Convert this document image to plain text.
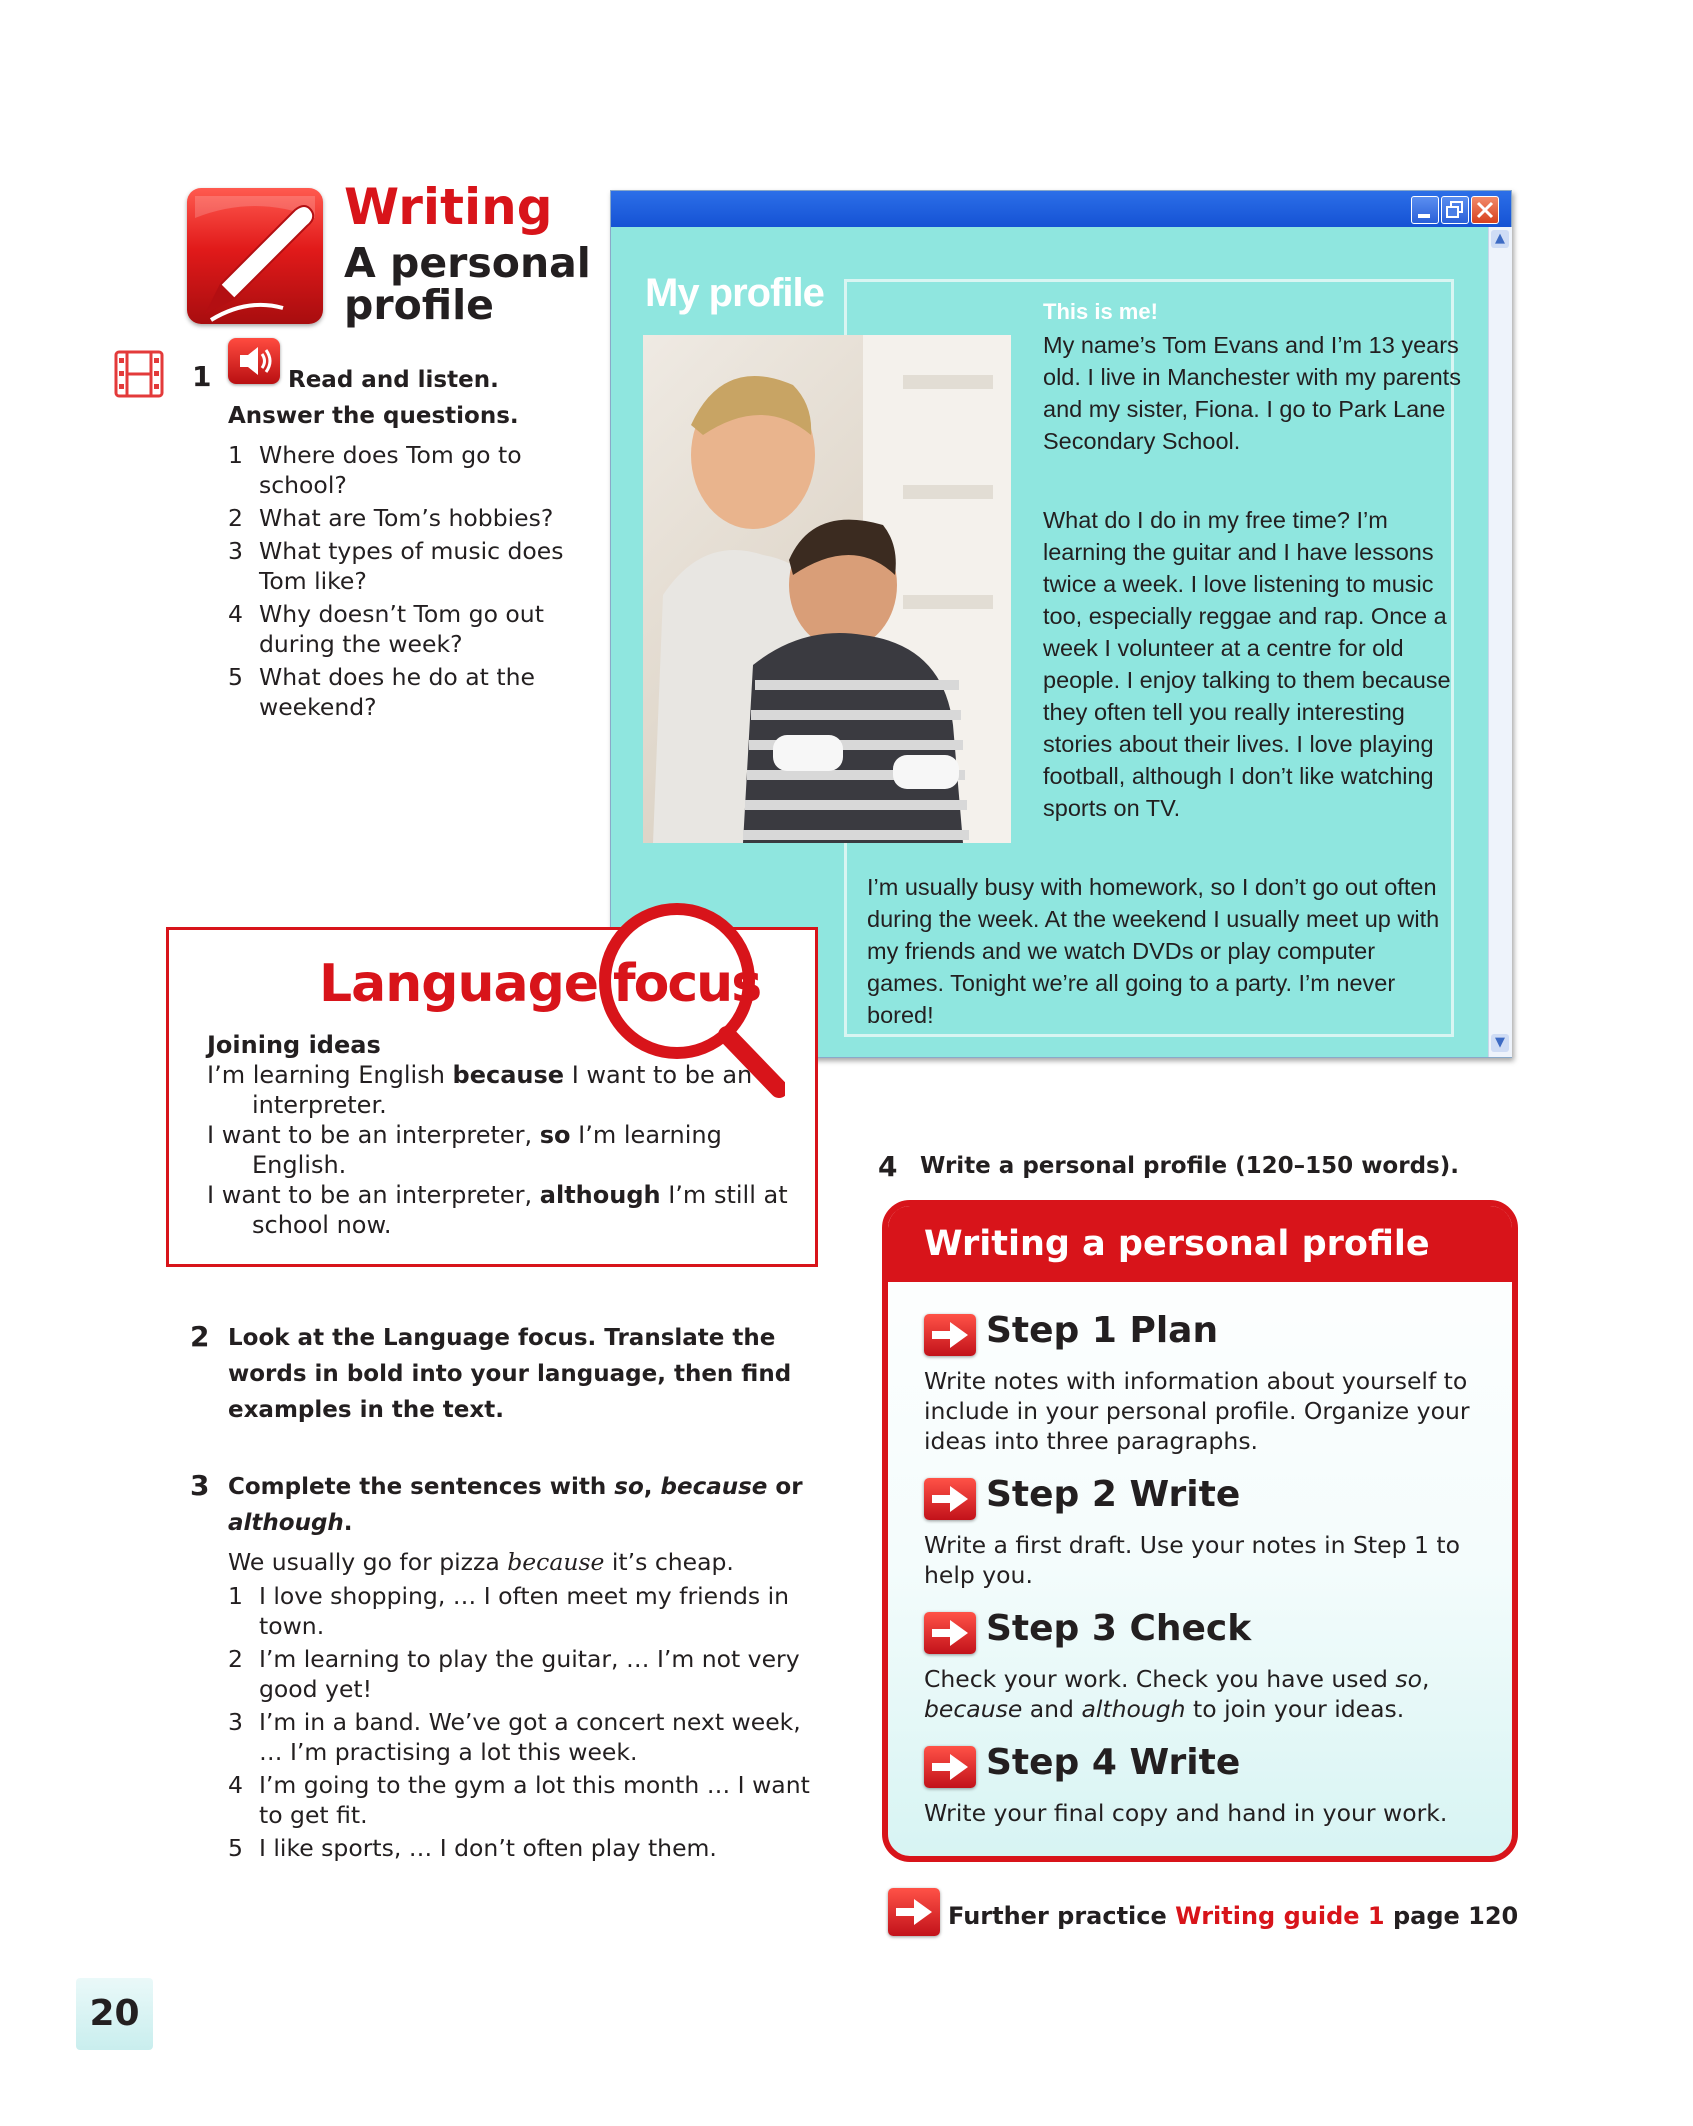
Writing
A personal profile
1	Read and listen. Answer the questions.
1 Where does Tom go to school?
2 What are Tom’s hobbies?
3 What types of music does Tom like?
4 Why doesn’t Tom go out during the week?
5 What does he do at the weekend?
▲
▼
My profile	This is me!
My name’s Tom Evans and I’m 13 years old. I live in Manchester with my parents and my sister, Fiona. I go to Park Lane Secondary School.
What do I do in my free time? I’m learning the guitar and I have lessons twice a week. I love listening to music too, especially reggae and rap. Once a week I volunteer at a centre for old people. I enjoy talking to them because they often tell you really interesting stories about their lives. I love playing football, although I don’t like watching sports on TV.
I’m usually busy with homework, so I don’t go out often during the week. At the weekend I usually meet up with my friends and we watch DVDs or play computer games. Tonight we’re all going to a party. I’m never bored!
Language focus
Joining ideas
I’m learning English because I want to be an interpreter.
I want to be an interpreter, so I’m learning English.
I want to be an interpreter, although I’m still at school now.
2 Look at the Language focus. Translate the words in bold into your language, then find examples in the text.
3 Complete the sentences with so, because or although.
We usually go for pizza because it’s cheap.
1 I love shopping, … I often meet my friends in town.
2 I’m learning to play the guitar, … I’m not very good yet!
3 I’m in a band. We’ve got a concert next week, … I’m practising a lot this week.
4 I’m going to the gym a lot this month … I want to get fit.
5 I like sports, … I don’t often play them.
4 Write a personal profile (120–150 words).
Writing a personal profile
Step 1 Plan
Write notes with information about yourself to include in your personal profile. Organize your ideas into three paragraphs.
Step 2 Write
Write a first draft. Use your notes in Step 1 to help you.
Step 3 Check
Check your work. Check you have used so, because and although to join your ideas.
Step 4 Write
Write your final copy and hand in your work.
Further practice Writing guide 1 page 120
20
